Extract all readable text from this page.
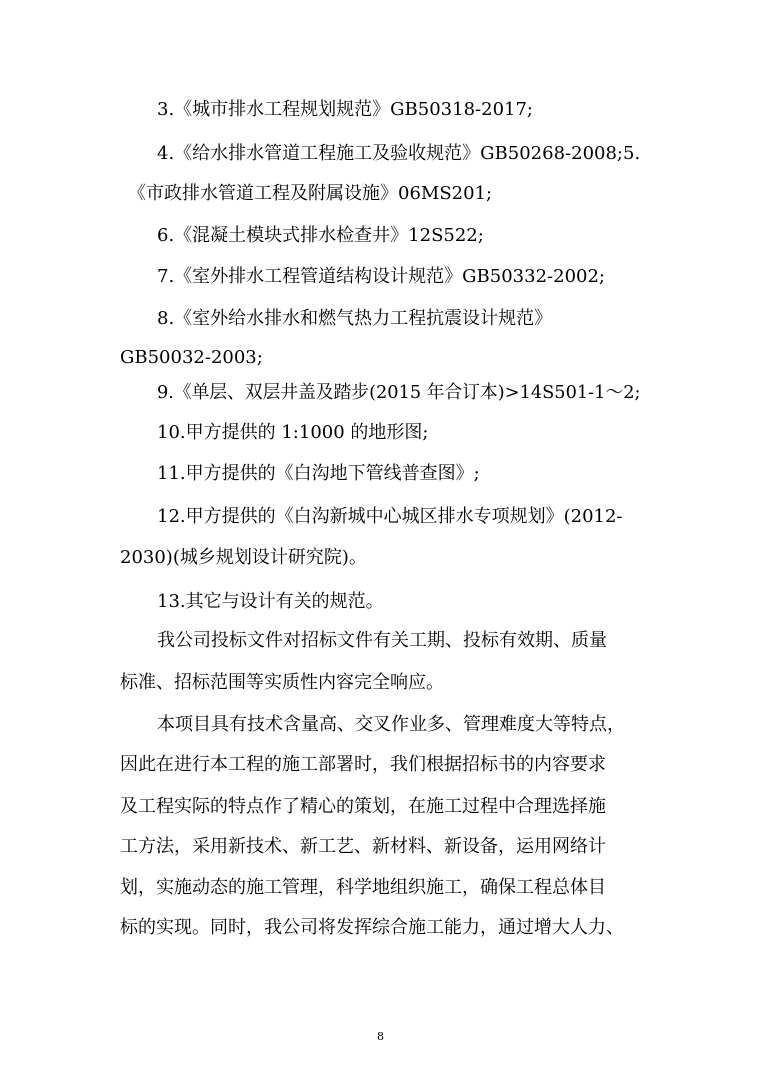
3.《城市排水工程规划规范》GB50318-2017;
4.《给水排水管道工程施工及验收规范》GB50268-2008;5.
《市政排水管道工程及附属设施》06MS201;
6.《混凝土模块式排水检查井》12S522;
7.《室外排水工程管道结构设计规范》GB50332-2002;
8.《室外给水排水和燃气热力工程抗震设计规范》
GB50032-2003;
9.《单层、双层井盖及踏步(2015 年合订本)>14S501-1～2;
10.甲方提供的 1:1000 的地形图;
11.甲方提供的《白沟地下管线普查图》;
12.甲方提供的《白沟新城中心城区排水专项规划》(2012-
2030)(城乡规划设计研究院)。
13.其它与设计有关的规范。
我公司投标文件对招标文件有关工期、投标有效期、质量
标准、招标范围等实质性内容完全响应。
本项目具有技术含量高、交叉作业多、管理难度大等特点，
因此在进行本工程的施工部署时，我们根据招标书的内容要求
及工程实际的特点作了精心的策划，在施工过程中合理选择施
工方法，采用新技术、新工艺、新材料、新设备，运用网络计
划，实施动态的施工管理，科学地组织施工，确保工程总体目
标的实现。同时，我公司将发挥综合施工能力，通过增大人力、
8
